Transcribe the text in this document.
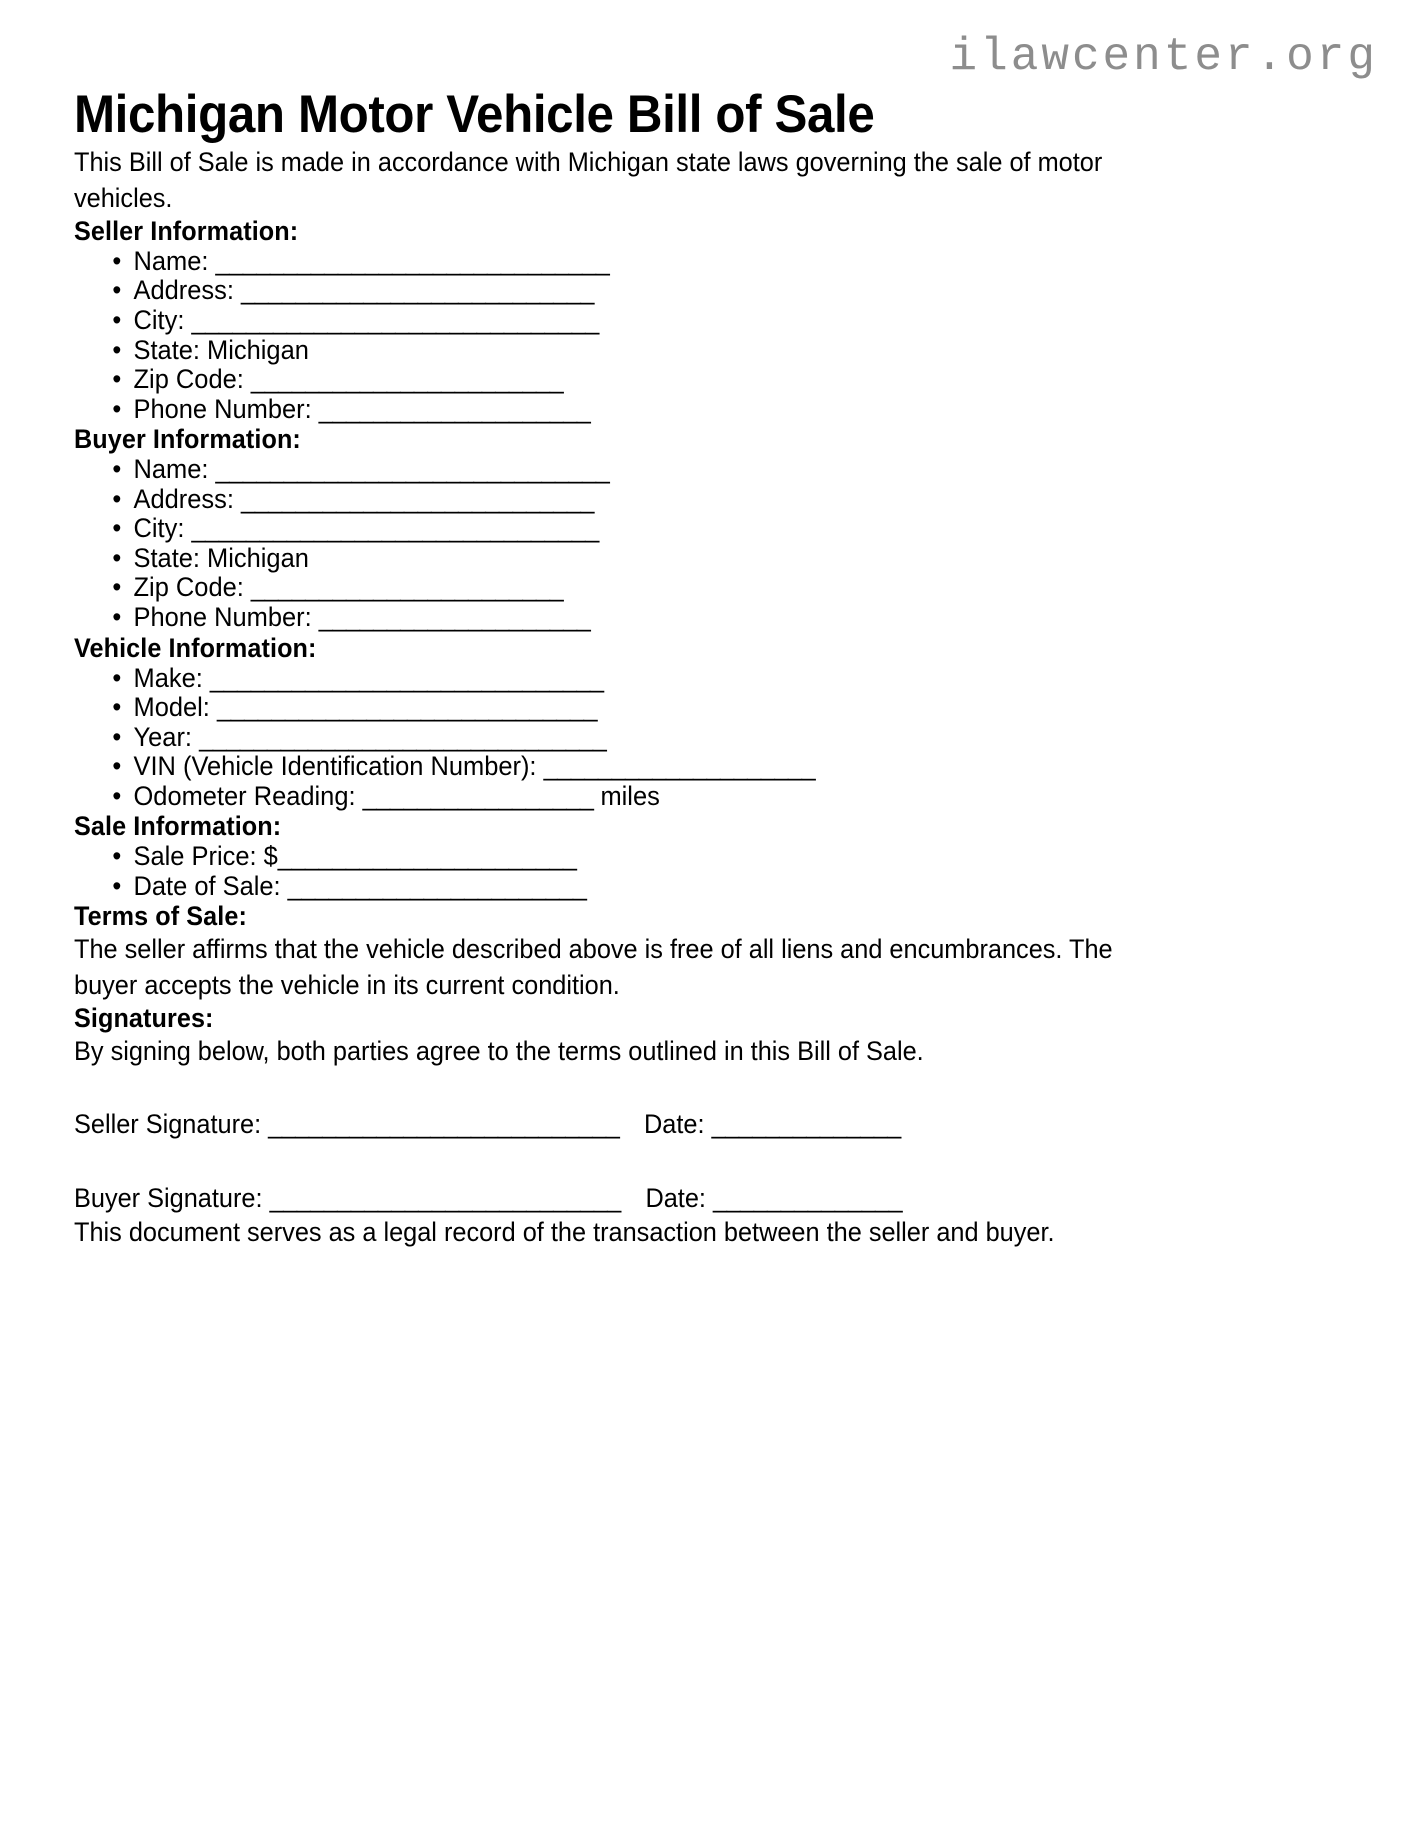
ilawcenter.org
Michigan Motor Vehicle Bill of Sale

This Bill of Sale is made in accordance with Michigan state laws governing the sale of motor vehicles.

Seller Information:
• Name: _____________________________
• Address: __________________________
• City: ______________________________
• State: Michigan
• Zip Code: _______________________
• Phone Number: ____________________
Buyer Information:
• Name: _____________________________
• Address: __________________________
• City: ______________________________
• State: Michigan
• Zip Code: _______________________
• Phone Number: ____________________
Vehicle Information:
• Make: _____________________________
• Model: ____________________________
• Year: ______________________________
• VIN (Vehicle Identification Number): ____________________
• Odometer Reading: _________________ miles
Sale Information:
• Sale Price: $______________________
• Date of Sale: ______________________
Terms of Sale:

The seller affirms that the vehicle described above is free of all liens and encumbrances. The buyer accepts the vehicle in its current condition.

Signatures:

By signing below, both parties agree to the terms outlined in this Bill of Sale.

Seller Signature: __________________________ Date: ______________
Buyer Signature: __________________________ Date: ______________

This document serves as a legal record of the transaction between the seller and buyer.
